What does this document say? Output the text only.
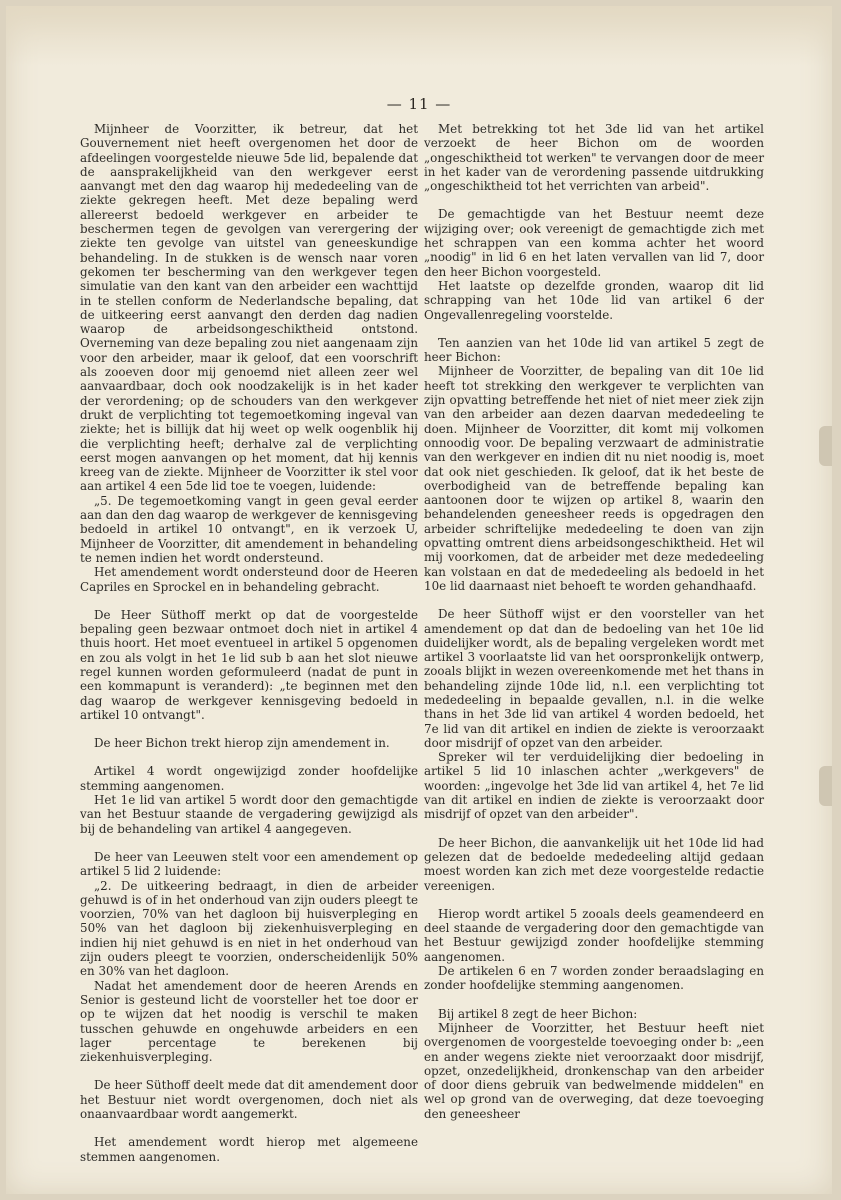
— 11 —

Mijnheer de Voorzitter, ik betreur, dat het Gouvernement niet heeft overgenomen het door de afdeelingen voorgestelde nieuwe 5de lid, bepalende dat de aansprakelijkheid van den werkgever eerst aanvangt met den dag waarop hij mededeeling van de ziekte gekregen heeft. Met deze bepaling werd allereerst bedoeld werkgever en arbeider te beschermen tegen de gevolgen van verergering der ziekte ten gevolge van uitstel van geneeskundige behandeling. In de stukken is de wensch naar voren gekomen ter bescherming van den werkgever tegen simulatie van den kant van den arbeider een wachttijd in te stellen conform de Nederlandsche bepaling, dat de uitkeering eerst aanvangt den derden dag nadien waarop de arbeidsongeschiktheid ontstond. Overneming van deze bepaling zou niet aangenaam zijn voor den arbeider, maar ik geloof, dat een voorschrift als zooeven door mij genoemd niet alleen zeer wel aanvaardbaar, doch ook noodzakelijk is in het kader der verordening; op de schouders van den werkgever drukt de verplichting tot tegemoetkoming ingeval van ziekte; het is billijk dat hij weet op welk oogenblik hij die verplichting heeft; derhalve zal de verplichting eerst mogen aanvangen op het moment, dat hij kennis kreeg van de ziekte. Mijnheer de Voorzitter ik stel voor aan artikel 4 een 5de lid toe te voegen, luidende:

„5. De tegemoetkoming vangt in geen geval eerder aan dan den dag waarop de werkgever de kennisgeving bedoeld in artikel 10 ontvangt", en ik verzoek U, Mijnheer de Voorzitter, dit amendement in behandeling te nemen indien het wordt ondersteund.

Het amendement wordt ondersteund door de Heeren Capriles en Sprockel en in behandeling gebracht.

De Heer Süthoff merkt op dat de voorgestelde bepaling geen bezwaar ontmoet doch niet in artikel 4 thuis hoort. Het moet eventueel in artikel 5 opgenomen en zou als volgt in het 1e lid sub b aan het slot nieuwe regel kunnen worden geformuleerd (nadat de punt in een kommapunt is veranderd): „te beginnen met den dag waarop de werkgever kennisgeving bedoeld in artikel 10 ontvangt".

De heer Bichon trekt hierop zijn amendement in.

Artikel 4 wordt ongewijzigd zonder hoofdelijke stemming aangenomen.

Het 1e lid van artikel 5 wordt door den gemachtigde van het Bestuur staande de vergadering gewijzigd als bij de behandeling van artikel 4 aangegeven.

De heer van Leeuwen stelt voor een amendement op artikel 5 lid 2 luidende:

„2. De uitkeering bedraagt, in dien de arbeider gehuwd is of in het onderhoud van zijn ouders pleegt te voorzien, 70% van het dagloon bij huisverpleging en 50% van het dagloon bij ziekenhuisverpleging en indien hij niet gehuwd is en niet in het onderhoud van zijn ouders pleegt te voorzien, onderscheidenlijk 50% en 30% van het dagloon.

Nadat het amendement door de heeren Arends en Senior is gesteund licht de voorsteller het toe door er op te wijzen dat het noodig is verschil te maken tusschen gehuwde en ongehuwde arbeiders en een lager percentage te berekenen bij ziekenhuisverpleging.

De heer Süthoff deelt mede dat dit amendement door het Bestuur niet wordt overgenomen, doch niet als onaanvaardbaar wordt aangemerkt.

Het amendement wordt hierop met algemeene stemmen aangenomen.

Met betrekking tot het 3de lid van het artikel verzoekt de heer Bichon om de woorden „ongeschiktheid tot werken" te vervangen door de meer in het kader van de verordening passende uitdrukking „ongeschiktheid tot het verrichten van arbeid".

De gemachtigde van het Bestuur neemt deze wijziging over; ook vereenigt de gemachtigde zich met het schrappen van een komma achter het woord „noodig" in lid 6 en het laten vervallen van lid 7, door den heer Bichon voorgesteld.

Het laatste op dezelfde gronden, waarop dit lid schrapping van het 10de lid van artikel 6 der Ongevallenregeling voorstelde.

Ten aanzien van het 10de lid van artikel 5 zegt de heer Bichon:

Mijnheer de Voorzitter, de bepaling van dit 10e lid heeft tot strekking den werkgever te verplichten van zijn opvatting betreffende het niet of niet meer ziek zijn van den arbeider aan dezen daarvan mededeeling te doen. Mijnheer de Voorzitter, dit komt mij volkomen onnoodig voor. De bepaling verzwaart de administratie van den werkgever en indien dit nu niet noodig is, moet dat ook niet geschieden. Ik geloof, dat ik het beste de overbodigheid van de betreffende bepaling kan aantoonen door te wijzen op artikel 8, waarin den behandelenden geneesheer reeds is opgedragen den arbeider schriftelijke mededeeling te doen van zijn opvatting omtrent diens arbeidsongeschiktheid. Het wil mij voorkomen, dat de arbeider met deze mededeeling kan volstaan en dat de mededeeling als bedoeld in het 10e lid daarnaast niet behoeft te worden gehandhaafd.

De heer Süthoff wijst er den voorsteller van het amendement op dat dan de bedoeling van het 10e lid duidelijker wordt, als de bepaling vergeleken wordt met artikel 3 voorlaatste lid van het oorspronkelijk ontwerp, zooals blijkt in wezen overeenkomende met het thans in behandeling zijnde 10de lid, n.l. een verplichting tot mededeeling in bepaalde gevallen, n.l. in die welke thans in het 3de lid van artikel 4 worden bedoeld, het 7e lid van dit artikel en indien de ziekte is veroorzaakt door misdrijf of opzet van den arbeider.

Spreker wil ter verduidelijking dier bedoeling in artikel 5 lid 10 inlaschen achter „werkgevers" de woorden: „ingevolge het 3de lid van artikel 4, het 7e lid van dit artikel en indien de ziekte is veroorzaakt door misdrijf of opzet van den arbeider".

De heer Bichon, die aanvankelijk uit het 10de lid had gelezen dat de bedoelde mededeeling altijd gedaan moest worden kan zich met deze voorgestelde redactie vereenigen.

Hierop wordt artikel 5 zooals deels geamendeerd en deel staande de vergadering door den gemachtigde van het Bestuur gewijzigd zonder hoofdelijke stemming aangenomen.

De artikelen 6 en 7 worden zonder beraadslaging en zonder hoofdelijke stemming aangenomen.

Bij artikel 8 zegt de heer Bichon:

Mijnheer de Voorzitter, het Bestuur heeft niet overgenomen de voorgestelde toevoeging onder b: „een en ander wegens ziekte niet veroorzaakt door misdrijf, opzet, onzedelijkheid, dronkenschap van den arbeider of door diens gebruik van bedwelmende middelen" en wel op grond van de overweging, dat deze toevoeging den geneesheer
